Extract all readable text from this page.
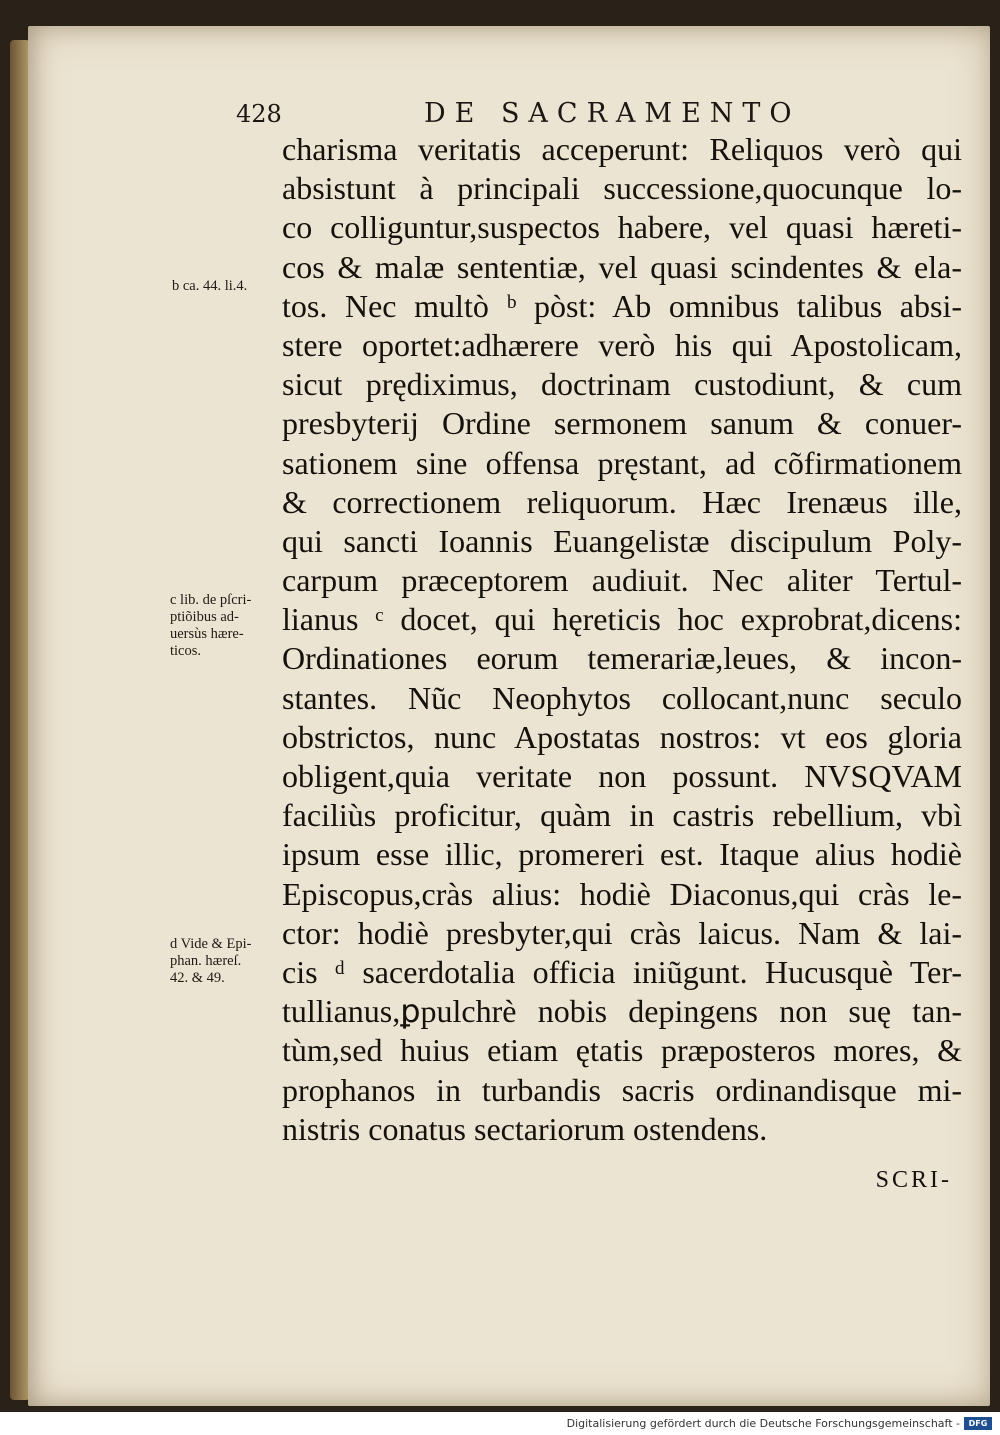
428	DE SACRAMENTO
charisma veritatis acceperunt: Reliquos verò qui
absistunt à principali successione,quocunque lo-
co colliguntur,suspectos habere, vel quasi hæreti-
cos & malæ sententiæ, vel quasi scindentes & ela-
tos. Nec multò ᵇ pòst: Ab omnibus talibus absi-
stere oportet:adhærere verò his qui Apostolicam,
sicut prędiximus, doctrinam custodiunt, & cum
presbyterij Ordine sermonem sanum & conuer-
sationem sine offensa pręstant, ad cõfirmationem
& correctionem reliquorum. Hæc Irenæus ille,
qui sancti Ioannis Euangelistæ discipulum Poly-
carpum præceptorem audiuit. Nec aliter Tertul-
lianus ᶜ docet, qui hęreticis hoc exprobrat,dicens:
Ordinationes eorum temerariæ,leues, & incon-
stantes. Nũc Neophytos collocant,nunc seculo
obstrictos, nunc Apostatas nostros: vt eos gloria
obligent,quia veritate non possunt. NVSQVAM
faciliùs proficitur, quàm in castris rebellium, vbì
ipsum esse illic, promereri est. Itaque alius hodiè
Episcopus,cràs alius: hodiè Diaconus,qui cràs le-
ctor: hodiè presbyter,qui cràs laicus. Nam & lai-
cis ᵈ sacerdotalia officia iniũgunt. Hucusquè Ter-
tullianus,ꝑpulchrè nobis depingens non suę tan-
tùm,sed huius etiam ętatis præposteros mores, &
prophanos in turbandis sacris ordinandisque mi-
nistris conatus sectariorum ostendens.
SCRI-
b ca. 44. li.4.
c lib. de pſcri-
ptiõibus ad-
uersùs hære-
ticos.
d Vide & Epi-
phan. hæreſ.
42. & 49.
Digitalisierung gefördert durch die Deutsche Forschungsgemeinschaft -	DFG
